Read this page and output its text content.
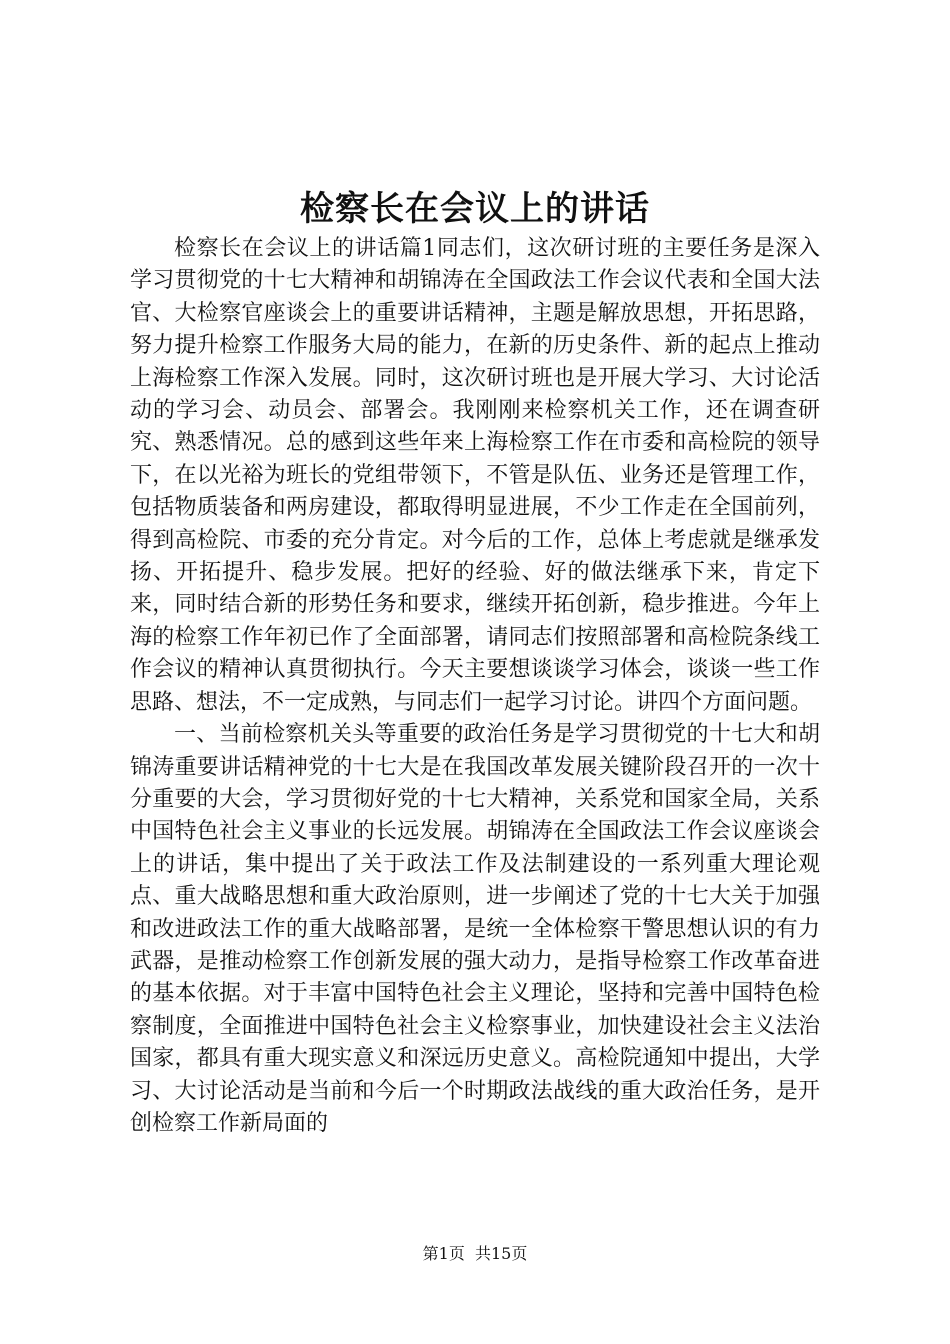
检察长在会议上的讲话

检察长在会议上的讲话篇1同志们，这次研讨班的主要任务是深入学习贯彻党的十七大精神和胡锦涛在全国政法工作会议代表和全国大法官、大检察官座谈会上的重要讲话精神，主题是解放思想，开拓思路，努力提升检察工作服务大局的能力，在新的历史条件、新的起点上推动上海检察工作深入发展。同时，这次研讨班也是开展大学习、大讨论活动的学习会、动员会、部署会。我刚刚来检察机关工作，还在调查研究、熟悉情况。总的感到这些年来上海检察工作在市委和高检院的领导下，在以光裕为班长的党组带领下，不管是队伍、业务还是管理工作，包括物质装备和两房建设，都取得明显进展，不少工作走在全国前列，得到高检院、市委的充分肯定。对今后的工作，总体上考虑就是继承发扬、开拓提升、稳步发展。把好的经验、好的做法继承下来，肯定下来，同时结合新的形势任务和要求，继续开拓创新，稳步推进。今年上海的检察工作年初已作了全面部署，请同志们按照部署和高检院条线工作会议的精神认真贯彻执行。今天主要想谈谈学习体会，谈谈一些工作思路、想法，不一定成熟，与同志们一起学习讨论。讲四个方面问题。

一、当前检察机关头等重要的政治任务是学习贯彻党的十七大和胡锦涛重要讲话精神党的十七大是在我国改革发展关键阶段召开的一次十分重要的大会，学习贯彻好党的十七大精神，关系党和国家全局，关系中国特色社会主义事业的长远发展。胡锦涛在全国政法工作会议座谈会上的讲话，集中提出了关于政法工作及法制建设的一系列重大理论观点、重大战略思想和重大政治原则，进一步阐述了党的十七大关于加强和改进政法工作的重大战略部署，是统一全体检察干警思想认识的有力武器，是推动检察工作创新发展的强大动力，是指导检察工作改革奋进的基本依据。对于丰富中国特色社会主义理论，坚持和完善中国特色检察制度，全面推进中国特色社会主义检察事业，加快建设社会主义法治国家，都具有重大现实意义和深远历史意义。高检院通知中提出，大学习、大讨论活动是当前和今后一个时期政法战线的重大政治任务，是开创检察工作新局面的

第1页  共15页
